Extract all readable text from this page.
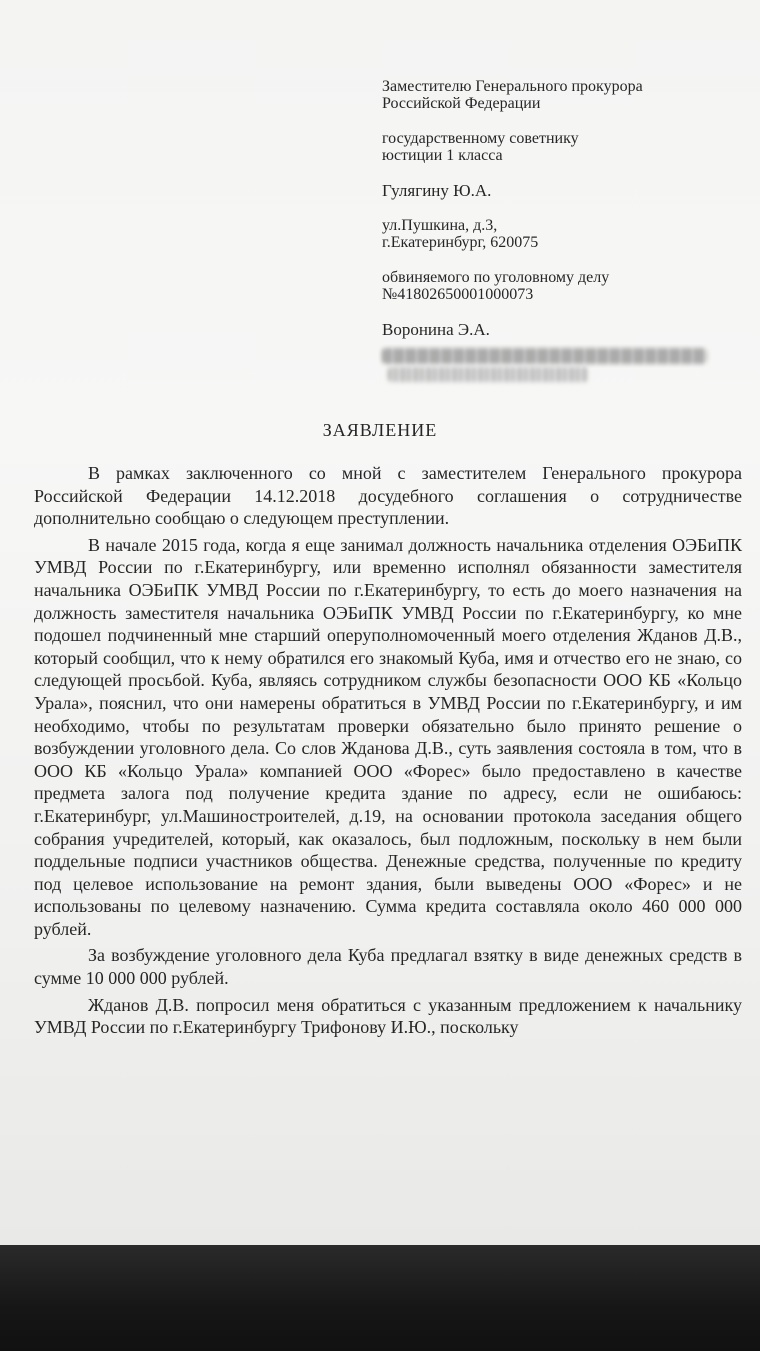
Заместителю Генерального прокурора
Российской Федерации
государственному советнику
юстиции 1 класса
Гулягину Ю.А.
ул.Пушкина, д.3,
г.Екатеринбург, 620075
обвиняемого по уголовному делу
№41802650001000073
Воронина Э.А.
ЗАЯВЛЕНИЕ

В рамках заключенного со мной с заместителем Генерального прокурора Российской Федерации 14.12.2018 досудебного соглашения о сотрудничестве дополнительно сообщаю о следующем преступлении.

В начале 2015 года, когда я еще занимал должность начальника отделения ОЭБиПК УМВД России по г.Екатеринбургу, или временно исполнял обязанности заместителя начальника ОЭБиПК УМВД России по г.Екатеринбургу, то есть до моего назначения на должность заместителя начальника ОЭБиПК УМВД России по г.Екатеринбургу, ко мне подошел подчиненный мне старший оперуполномоченный моего отделения Жданов Д.В., который сообщил, что к нему обратился его знакомый Куба, имя и отчество его не знаю, со следующей просьбой. Куба, являясь сотрудником службы безопасности ООО КБ «Кольцо Урала», пояснил, что они намерены обратиться в УМВД России по г.Екатеринбургу, и им необходимо, чтобы по результатам проверки обязательно было принято решение о возбуждении уголовного дела. Со слов Жданова Д.В., суть заявления состояла в том, что в ООО КБ «Кольцо Урала» компанией ООО «Форес» было предоставлено в качестве предмета залога под получение кредита здание по адресу, если не ошибаюсь: г.Екатеринбург, ул.Машиностроителей, д.19, на основании протокола заседания общего собрания учредителей, который, как оказалось, был подложным, поскольку в нем были поддельные подписи участников общества. Денежные средства, полученные по кредиту под целевое использование на ремонт здания, были выведены ООО «Форес» и не использованы по целевому назначению. Сумма кредита составляла около 460 000 000 рублей.

За возбуждение уголовного дела Куба предлагал взятку в виде денежных средств в сумме 10 000 000 рублей.

Жданов Д.В. попросил меня обратиться с указанным предложением к начальнику УМВД России по г.Екатеринбургу Трифонову И.Ю., поскольку
